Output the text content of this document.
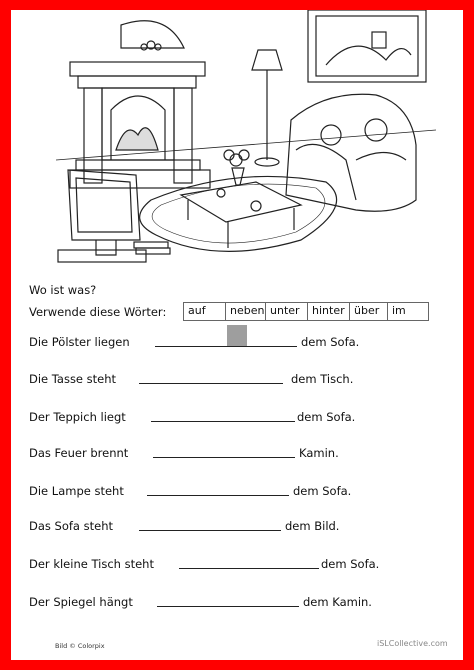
Wo ist was?
Verwende diese Wörter:	auf	neben unter	hinter über	im
Die Pölster liegen	dem Sofa.
Die Tasse steht	dem Tisch.
Der Teppich liegt	dem Sofa.
Das Feuer brennt	Kamin.
Die Lampe steht	dem Sofa.
Das Sofa steht	dem Bild.
Der kleine Tisch steht	dem Sofa.
Der Spiegel hängt	dem Kamin.
Bild © Colorpix	iSLCollective.com
